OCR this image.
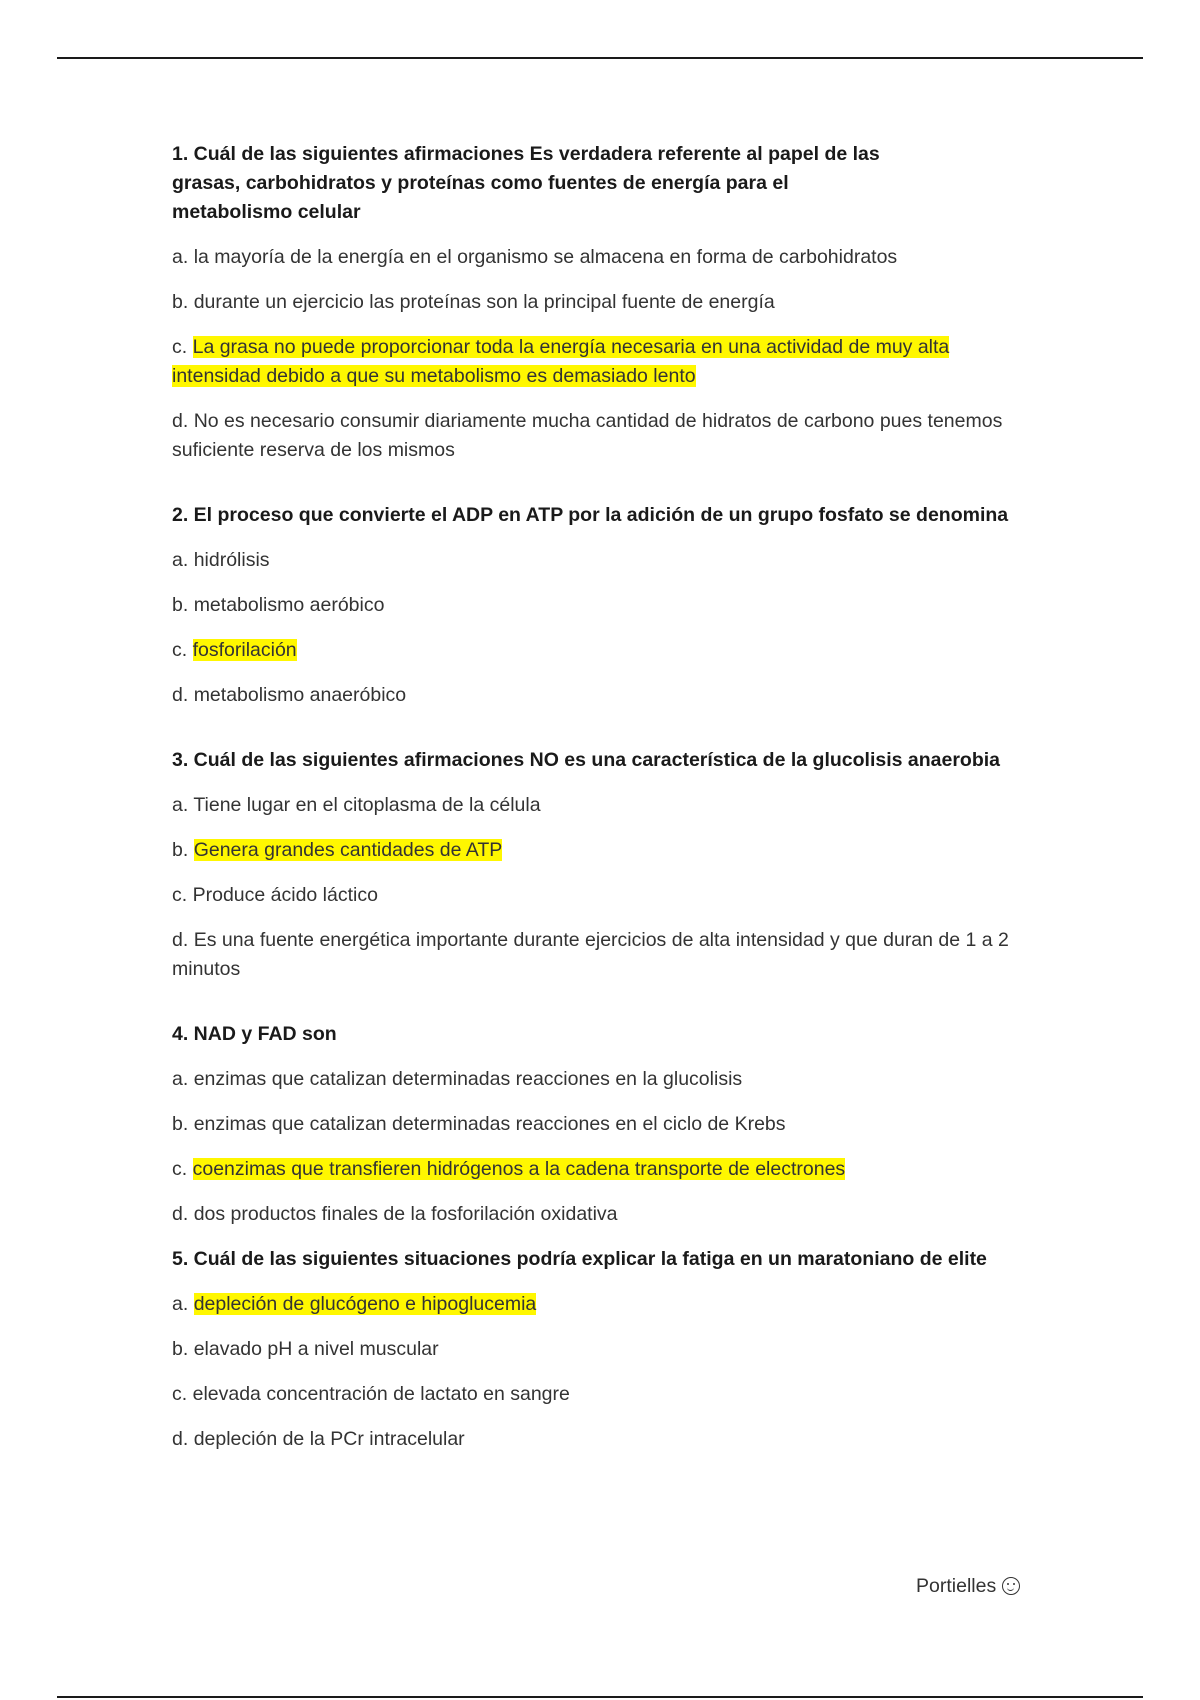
1. Cuál de las siguientes afirmaciones Es verdadera referente al papel de las grasas, carbohidratos y proteínas como fuentes de energía para el metabolismo celular
a. la mayoría de la energía en el organismo se almacena en forma de carbohidratos
b. durante un ejercicio las proteínas son la principal fuente de energía
c. La grasa no puede proporcionar toda la energía necesaria en una actividad de muy alta intensidad debido a que su metabolismo es demasiado lento
d. No es necesario consumir diariamente mucha cantidad de hidratos de carbono pues tenemos suficiente reserva de los mismos
2. El proceso que convierte el ADP en ATP por la adición de un grupo fosfato se denomina
a. hidrólisis
b. metabolismo aeróbico
c. fosforilación
d. metabolismo anaeróbico
3. Cuál de las siguientes afirmaciones NO es una característica de la glucolisis anaerobia
a. Tiene lugar en el citoplasma de la célula
b. Genera grandes cantidades de ATP
c. Produce ácido láctico
d. Es una fuente energética importante durante ejercicios de alta intensidad y que duran de 1 a 2 minutos
4. NAD y FAD son
a. enzimas que catalizan determinadas reacciones en la glucolisis
b. enzimas que catalizan determinadas reacciones en el ciclo de Krebs
c. coenzimas que transfieren hidrógenos a la cadena transporte de electrones
d. dos productos finales de la fosforilación oxidativa
5. Cuál de las siguientes situaciones podría explicar la fatiga en un maratoniano de elite
a. depleción de glucógeno e hipoglucemia
b. elavado pH a nivel muscular
c. elevada concentración de lactato en sangre
d. depleción de la PCr intracelular
Portielles
